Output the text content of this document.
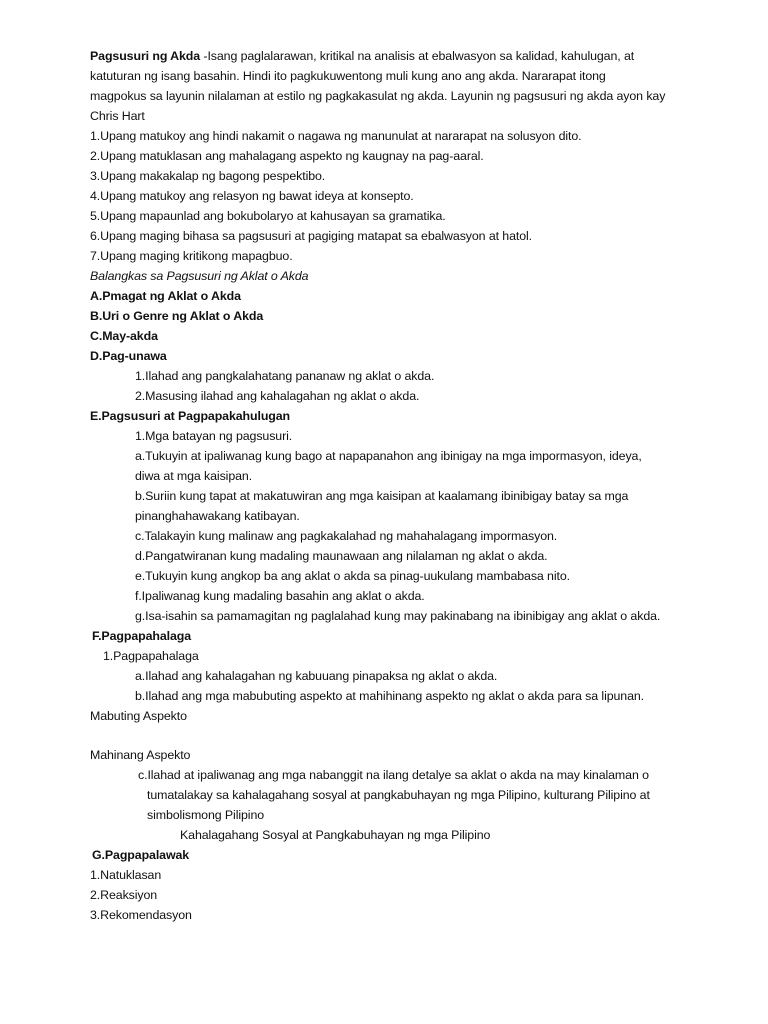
Pagsusuri ng Akda -Isang paglalarawan, kritikal na analisis at ebalwasyon sa kalidad, kahulugan, at
katuturan ng isang basahin. Hindi ito pagkukuwentong muli kung ano ang akda. Nararapat itong
magpokus sa layunin nilalaman at estilo ng pagkakasulat ng akda. Layunin ng pagsusuri ng akda ayon kay
Chris Hart
1.Upang matukoy ang hindi nakamit o nagawa ng manunulat at nararapat na solusyon dito.
2.Upang matuklasan ang mahalagang aspekto ng kaugnay na pag-aaral.
3.Upang makakalap ng bagong pespektibo.
4.Upang matukoy ang relasyon ng bawat ideya at konsepto.
5.Upang mapaunlad ang bokubolaryo at kahusayan sa gramatika.
6.Upang maging bihasa sa pagsusuri at pagiging matapat sa ebalwasyon at hatol.
7.Upang maging kritikong mapagbuo.
Balangkas sa Pagsusuri ng Aklat o Akda
A.Pmagat ng Aklat o Akda
B.Uri o Genre ng Aklat o Akda
C.May-akda
D.Pag-unawa
1.Ilahad ang pangkalahatang pananaw ng aklat o akda.
2.Masusing ilahad ang kahalagahan ng aklat o akda.
E.Pagsusuri at Pagpapakahulugan
1.Mga batayan ng pagsusuri.
a.Tukuyin at ipaliwanag kung bago at napapanahon ang ibinigay na mga impormasyon, ideya,
diwa at mga kaisipan.
b.Suriin kung tapat at makatuwiran ang mga kaisipan at kaalamang ibinibigay batay sa mga
pinanghahawakang katibayan.
c.Talakayin kung malinaw ang pagkakalahad ng mahahalagang impormasyon.
d.Pangatwiranan kung madaling maunawaan ang nilalaman ng aklat o akda.
e.Tukuyin kung angkop ba ang aklat o akda sa pinag-uukulang mambabasa nito.
f.Ipaliwanag kung madaling basahin ang aklat o akda.
g.Isa-isahin sa pamamagitan ng paglalahad kung may pakinabang na ibinibigay ang aklat o akda.
F.Pagpapahalaga
1.Pagpapahalaga
a.Ilahad ang kahalagahan ng kabuuang pinapaksa ng aklat o akda.
b.Ilahad ang mga mabubuting aspekto at mahihinang aspekto ng aklat o akda para sa lipunan.
Mabuting Aspekto
Mahinang Aspekto
c.Ilahad at ipaliwanag ang mga nabanggit na ilang detalye sa aklat o akda na may kinalaman o
tumatalakay sa kahalagahang sosyal at pangkabuhayan ng mga Pilipino, kulturang Pilipino at
simbolismong Pilipino
Kahalagahang Sosyal at Pangkabuhayan ng mga Pilipino
G.Pagpapalawak
1.Natuklasan
2.Reaksiyon
3.Rekomendasyon
